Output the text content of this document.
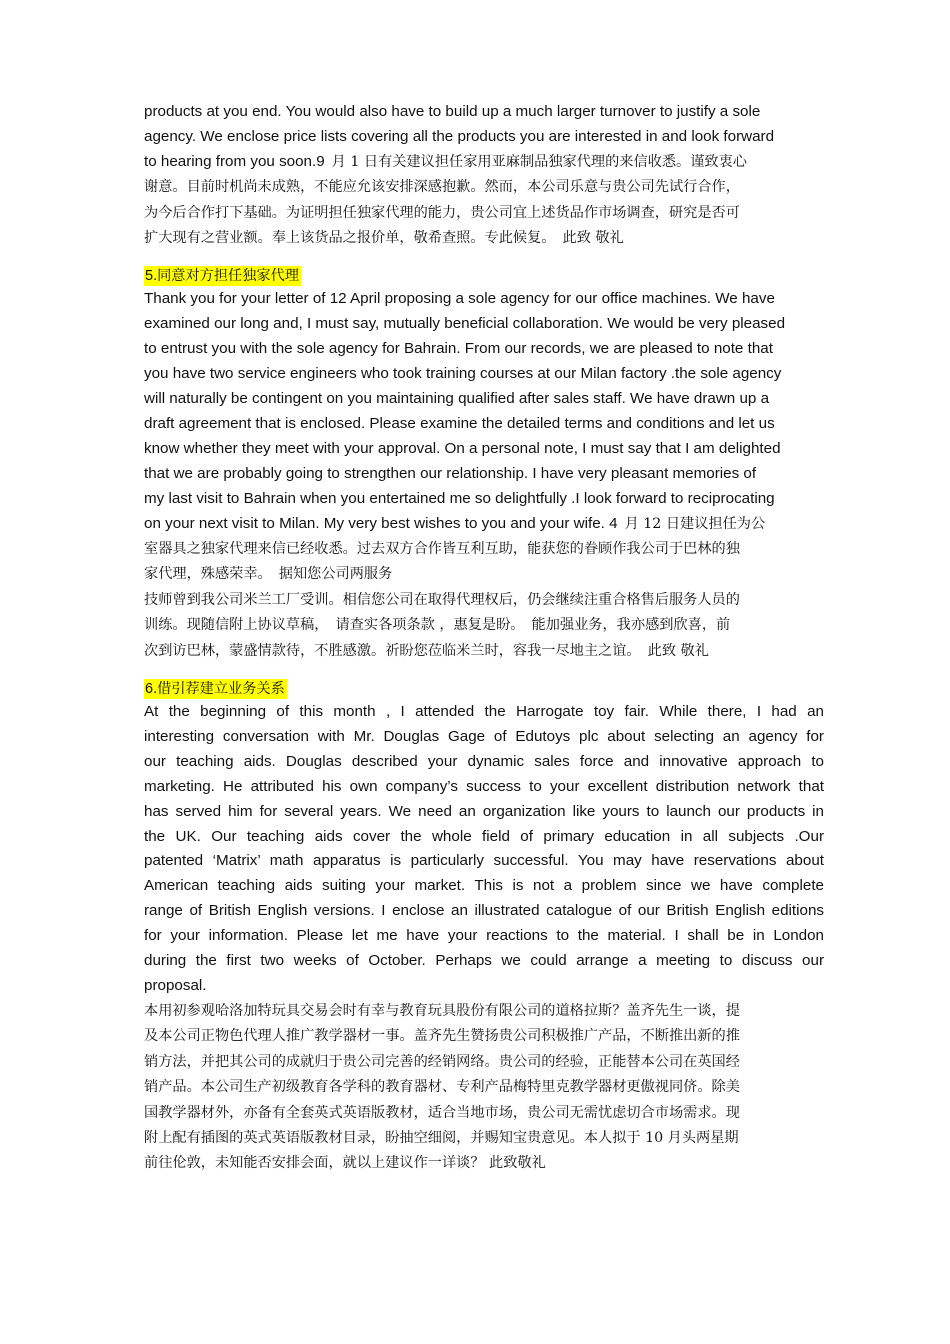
products at you end. You would also have to build up a much larger turnover to justify a sole

agency. We enclose price lists covering all the products you are interested in and look forward

to hearing from you soon.9 月 1 日有关建议担任家用亚麻制品独家代理的来信收悉。谨致衷心

谢意。目前时机尚未成熟，不能应允该安排深感抱歉。然而，本公司乐意与贵公司先试行合作，

为今后合作打下基础。为证明担任独家代理的能力，贵公司宜上述货品作市场调查，研究是否可

扩大现有之营业额。奉上该货品之报价单，敬希查照。专此候复。　此致 敬礼

5.同意对方担任独家代理

Thank you for your letter of 12 April proposing a sole agency for our office machines. We have

examined our long and, I must say, mutually beneficial collaboration. We would be very pleased

to entrust you with the sole agency for Bahrain. From our records, we are pleased to note that

you have two service engineers who took training courses at our Milan factory .the sole agency

will naturally be contingent on you maintaining qualified after sales staff. We have drawn up a

draft agreement that is enclosed. Please examine the detailed terms and conditions and let us

know whether they meet with your approval. On a personal note, I must say that I am delighted

that we are probably going to strengthen our relationship. I have very pleasant memories of

my last visit to Bahrain when you entertained me so delightfully .I look forward to reciprocating

on your next visit to Milan. My very best wishes to you and your wife. 4 月 12 日建议担任为公

室器具之独家代理来信已经收悉。过去双方合作皆互利互助，能获您的眷顾作我公司于巴林的独

家代理，殊感荣幸。　据知您公司两服务

技师曾到我公司米兰工厂受训。相信您公司在取得代理权后，仍会继续注重合格售后服务人员的

训练。现随信附上协议草稿，　请查实各项条款 ，惠复是盼。　能加强业务，我亦感到欣喜，前

次到访巴林，蒙盛情款待，不胜感激。祈盼您莅临米兰时，容我一尽地主之谊。　此致 敬礼

6.借引荐建立业务关系

At the beginning of this month , I attended the Harrogate toy fair. While there, I had an
interesting conversation with Mr. Douglas Gage of Edutoys plc about selecting an agency for
our teaching aids. Douglas described your dynamic sales force and innovative approach to
marketing. He attributed his own company’s success to your excellent distribution network that
has served him for several years. We need an organization like yours to launch our products in
the UK. Our teaching aids cover the whole field of primary education in all subjects .Our
patented ‘Matrix’ math apparatus is particularly successful. You may have reservations about
American teaching aids suiting your market. This is not a problem since we have complete
range of British English versions. I enclose an illustrated catalogue of our British English editions
for your information. Please let me have your reactions to the material. I shall be in London
during the first two weeks of October. Perhaps we could arrange a meeting to discuss our
proposal.

本用初参观哈洛加特玩具交易会时有幸与教育玩具股份有限公司的道格拉斯？盖齐先生一谈，提

及本公司正物色代理人推广教学器材一事。盖齐先生赞扬贵公司积极推广产品，不断推出新的推

销方法，并把其公司的成就归于贵公司完善的经销网络。贵公司的经验，正能替本公司在英国经

销产品。本公司生产初级教育各学科的教育器材、专利产品梅特里克教学器材更傲视同侪。除美

国教学器材外，亦备有全套英式英语版教材，适合当地市场，贵公司无需忧虑切合市场需求。现

附上配有插图的英式英语版教材目录，盼抽空细阅，并赐知宝贵意见。本人拟于 10 月头两星期

前往伦敦，未知能否安排会面，就以上建议作一详谈？ 此致敬礼
